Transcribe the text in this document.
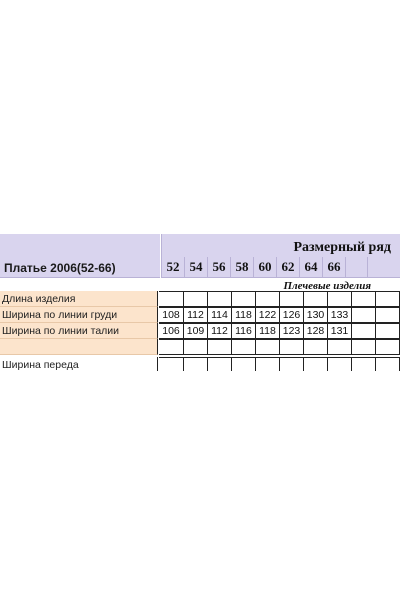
Платье 2006(52-66)
Размерный ряд
52 54 56 58 60 62 64 66
Плечевые изделия
Длина изделия
Ширина по линии груди	108 112 114 118 122 126 130 133
Ширина по линии талии	106 109 112 116 118 123 128 131
Ширина переда
